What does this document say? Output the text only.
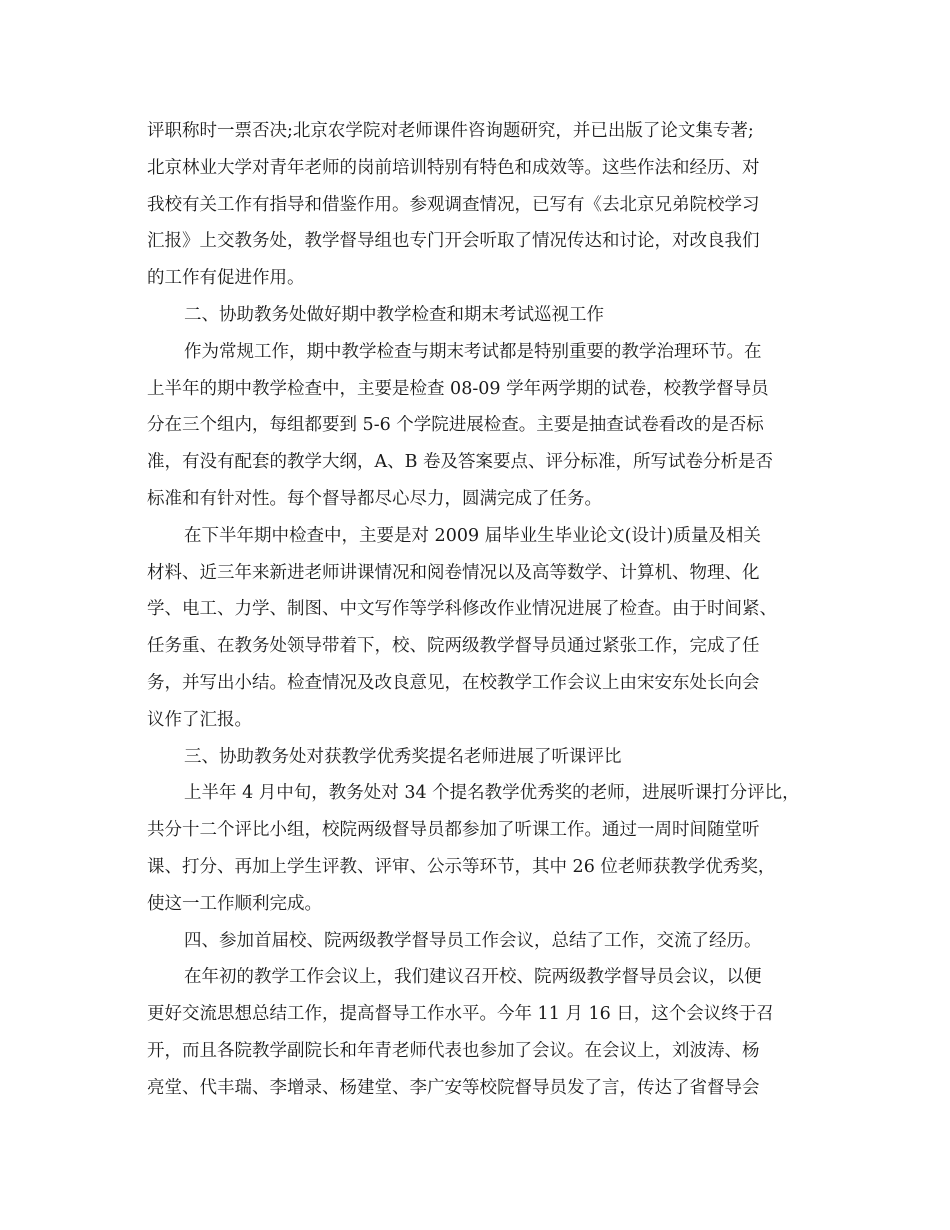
评职称时一票否决;北京农学院对老师课件咨询题研究，并已出版了论文集专著;
北京林业大学对青年老师的岗前培训特别有特色和成效等。这些作法和经历、对
我校有关工作有指导和借鉴作用。参观调查情况，已写有《去北京兄弟院校学习
汇报》上交教务处，教学督导组也专门开会听取了情况传达和讨论，对改良我们
的工作有促进作用。
二、协助教务处做好期中教学检查和期末考试巡视工作
作为常规工作，期中教学检查与期末考试都是特别重要的教学治理环节。在
上半年的期中教学检查中，主要是检查 08-09 学年两学期的试卷，校教学督导员
分在三个组内，每组都要到 5-6 个学院进展检查。主要是抽查试卷看改的是否标
准，有没有配套的教学大纲，A、B 卷及答案要点、评分标准，所写试卷分析是否
标准和有针对性。每个督导都尽心尽力，圆满完成了任务。
在下半年期中检查中，主要是对 2009 届毕业生毕业论文(设计)质量及相关
材料、近三年来新进老师讲课情况和阅卷情况以及高等数学、计算机、物理、化
学、电工、力学、制图、中文写作等学科修改作业情况进展了检查。由于时间紧、
任务重、在教务处领导带着下，校、院两级教学督导员通过紧张工作，完成了任
务，并写出小结。检查情况及改良意见，在校教学工作会议上由宋安东处长向会
议作了汇报。
三、协助教务处对获教学优秀奖提名老师进展了听课评比
上半年 4 月中旬，教务处对 34 个提名教学优秀奖的老师，进展听课打分评比，
共分十二个评比小组，校院两级督导员都参加了听课工作。通过一周时间随堂听
课、打分、再加上学生评教、评审、公示等环节，其中 26 位老师获教学优秀奖，
使这一工作顺利完成。
四、参加首届校、院两级教学督导员工作会议，总结了工作，交流了经历。
在年初的教学工作会议上，我们建议召开校、院两级教学督导员会议，以便
更好交流思想总结工作，提高督导工作水平。今年 11 月 16 日，这个会议终于召
开，而且各院教学副院长和年青老师代表也参加了会议。在会议上，刘波涛、杨
亮堂、代丰瑞、李增录、杨建堂、李广安等校院督导员发了言，传达了省督导会
